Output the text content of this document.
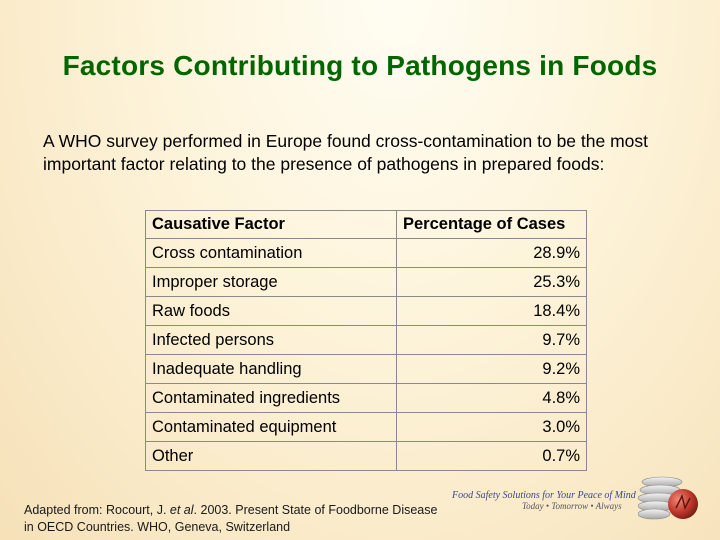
Factors Contributing to Pathogens in Foods
A WHO survey performed in Europe found cross-contamination to be the most important factor relating to the presence of pathogens in prepared foods:
Causative Factor	Percentage of Cases
Cross contamination	28.9%
Improper storage	25.3%
Raw foods	18.4%
Infected persons	9.7%
Inadequate handling	9.2%
Contaminated ingredients	4.8%
Contaminated equipment	3.0%
Other	0.7%
Adapted from: Rocourt, J. et al. 2003. Present State of Foodborne Disease in OECD Countries. WHO, Geneva, Switzerland
Food Safety Solutions for Your Peace of Mind
Today • Tomorrow • Always
